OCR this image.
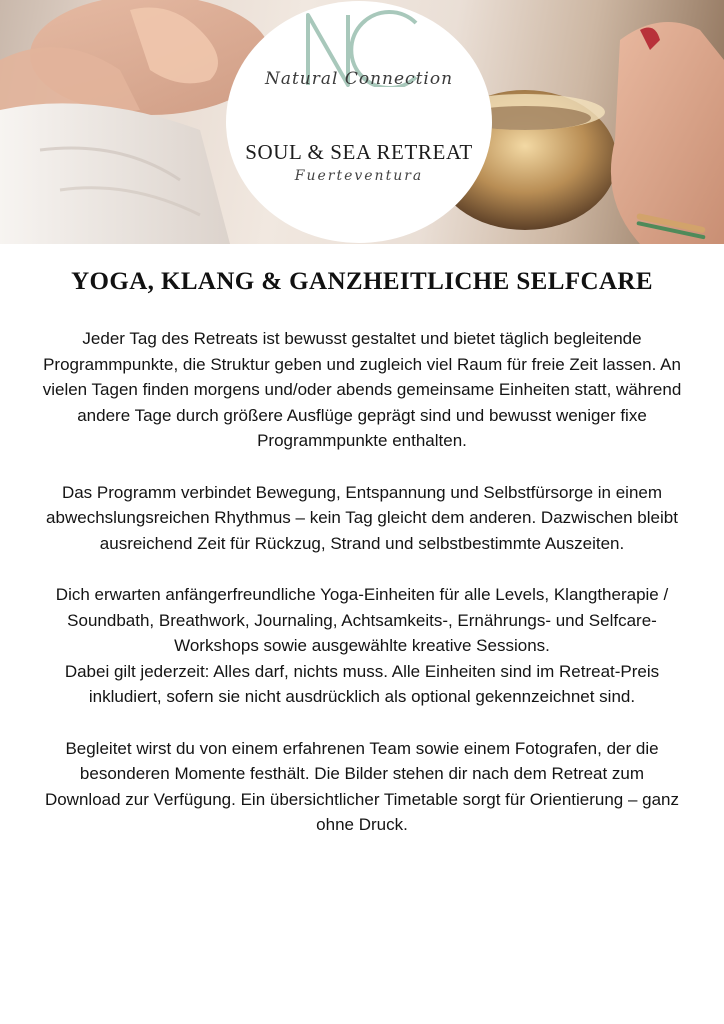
Natural Connection
SOUL & SEA RETREAT
Fuerteventura
YOGA, KLANG & GANZHEITLICHE SELFCARE

Jeder Tag des Retreats ist bewusst gestaltet und bietet täglich begleitende Programmpunkte, die Struktur geben und zugleich viel Raum für freie Zeit lassen. An vielen Tagen finden morgens und/oder abends gemeinsame Einheiten statt, während andere Tage durch größere Ausflüge geprägt sind und bewusst weniger fixe Programmpunkte enthalten.

Das Programm verbindet Bewegung, Entspannung und Selbstfürsorge in einem abwechslungsreichen Rhythmus – kein Tag gleicht dem anderen. Dazwischen bleibt ausreichend Zeit für Rückzug, Strand und selbstbestimmte Auszeiten.

Dich erwarten anfängerfreundliche Yoga-Einheiten für alle Levels, Klangtherapie / Soundbath, Breathwork, Journaling, Achtsamkeits-, Ernährungs- und Selfcare-Workshops sowie ausgewählte kreative Sessions.

Dabei gilt jederzeit: Alles darf, nichts muss. Alle Einheiten sind im Retreat-Preis inkludiert, sofern sie nicht ausdrücklich als optional gekennzeichnet sind.

Begleitet wirst du von einem erfahrenen Team sowie einem Fotografen, der die besonderen Momente festhält. Die Bilder stehen dir nach dem Retreat zum Download zur Verfügung. Ein übersichtlicher Timetable sorgt für Orientierung – ganz ohne Druck.
